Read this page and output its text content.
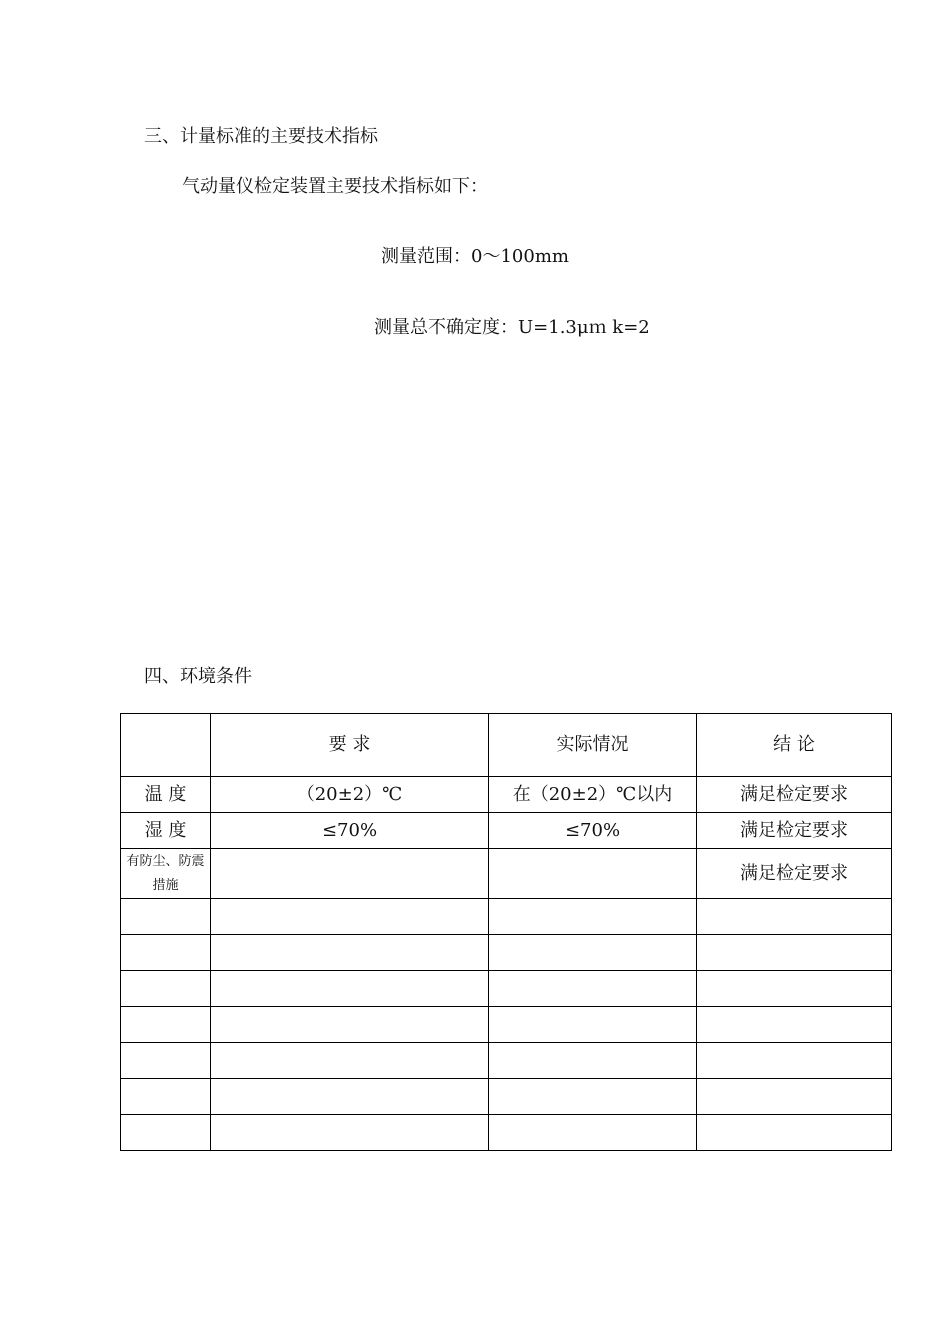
三、计量标准的主要技术指标
气动量仪检定装置主要技术指标如下：
测量范围：0～100mm
测量总不确定度：U=1.3μｍ k=2
四、环境条件
	要 求	实际情况	结 论
温 度	（20±2）℃	在（20±2）℃以内	满足检定要求
湿 度	≤70%	≤70%	满足检定要求
有防尘、防震措施			满足检定要求
